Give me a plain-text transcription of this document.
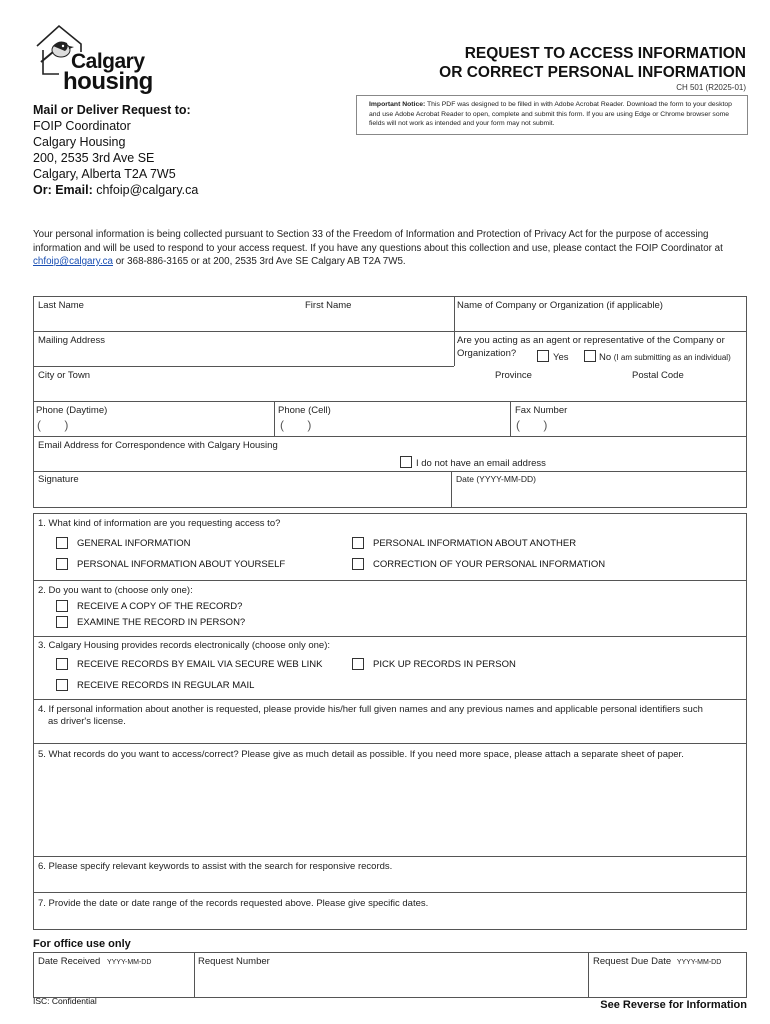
Calgary
housing
REQUEST TO ACCESS INFORMATION
OR CORRECT PERSONAL INFORMATION
CH 501 (R2025-01)
Mail or Deliver Request to:
FOIP Coordinator
Calgary Housing
200, 2535 3rd Ave SE
Calgary, Alberta T2A 7W5
Or: Email: chfoip@calgary.ca
Important Notice: This PDF was designed to be filled in with Adobe Acrobat Reader. Download the form to your desktop and use Adobe Acrobat Reader to open, complete and submit this form. If you are using Edge or Chrome browser some fields will not work as intended and your form may not submit.
Your personal information is being collected pursuant to Section 33 of the Freedom of Information and Protection of Privacy Act for the purpose of accessing information and will be used to respond to your access request. If you have any questions about this collection and use, please contact the FOIP Coordinator at chfoip@calgary.ca or 368-886-3165 or at 200, 2535 3rd Ave SE Calgary AB T2A 7W5.
Last Name	First Name	Name of Company or Organization (if applicable)
Mailing Address	Are you acting as an agent or representative of the Company or
Organization?	Yes	No (I am submitting as an individual)
City or Town	Province	Postal Code
Phone (Daytime)
(       )
Phone (Cell)
(       )
Fax Number
(       )
Email Address for Correspondence with Calgary Housing
I do not have an email address
Signature	Date (YYYY-MM-DD)
1. What kind of information are you requesting access to?
GENERAL INFORMATION	PERSONAL INFORMATION ABOUT ANOTHER
PERSONAL INFORMATION ABOUT YOURSELF	CORRECTION OF YOUR PERSONAL INFORMATION
2. Do you want to (choose only one):
RECEIVE A COPY OF THE RECORD?
EXAMINE THE RECORD IN PERSON?
3. Calgary Housing provides records electronically (choose only one):
RECEIVE RECORDS BY EMAIL VIA SECURE WEB LINK	PICK UP RECORDS IN PERSON
RECEIVE RECORDS IN REGULAR MAIL
4. If personal information about another is requested, please provide his/her full given names and any previous names and applicable personal identifiers such
as driver's license.
5. What records do you want to access/correct? Please give as much detail as possible. If you need more space, please attach a separate sheet of paper.
6. Please specify relevant keywords to assist with the search for responsive records.
7. Provide the date or date range of the records requested above. Please give specific dates.
For office use only
Date Received YYYY-MM-DD	Request Number	Request Due Date YYYY-MM-DD
ISC: Confidential	See Reverse for Information
